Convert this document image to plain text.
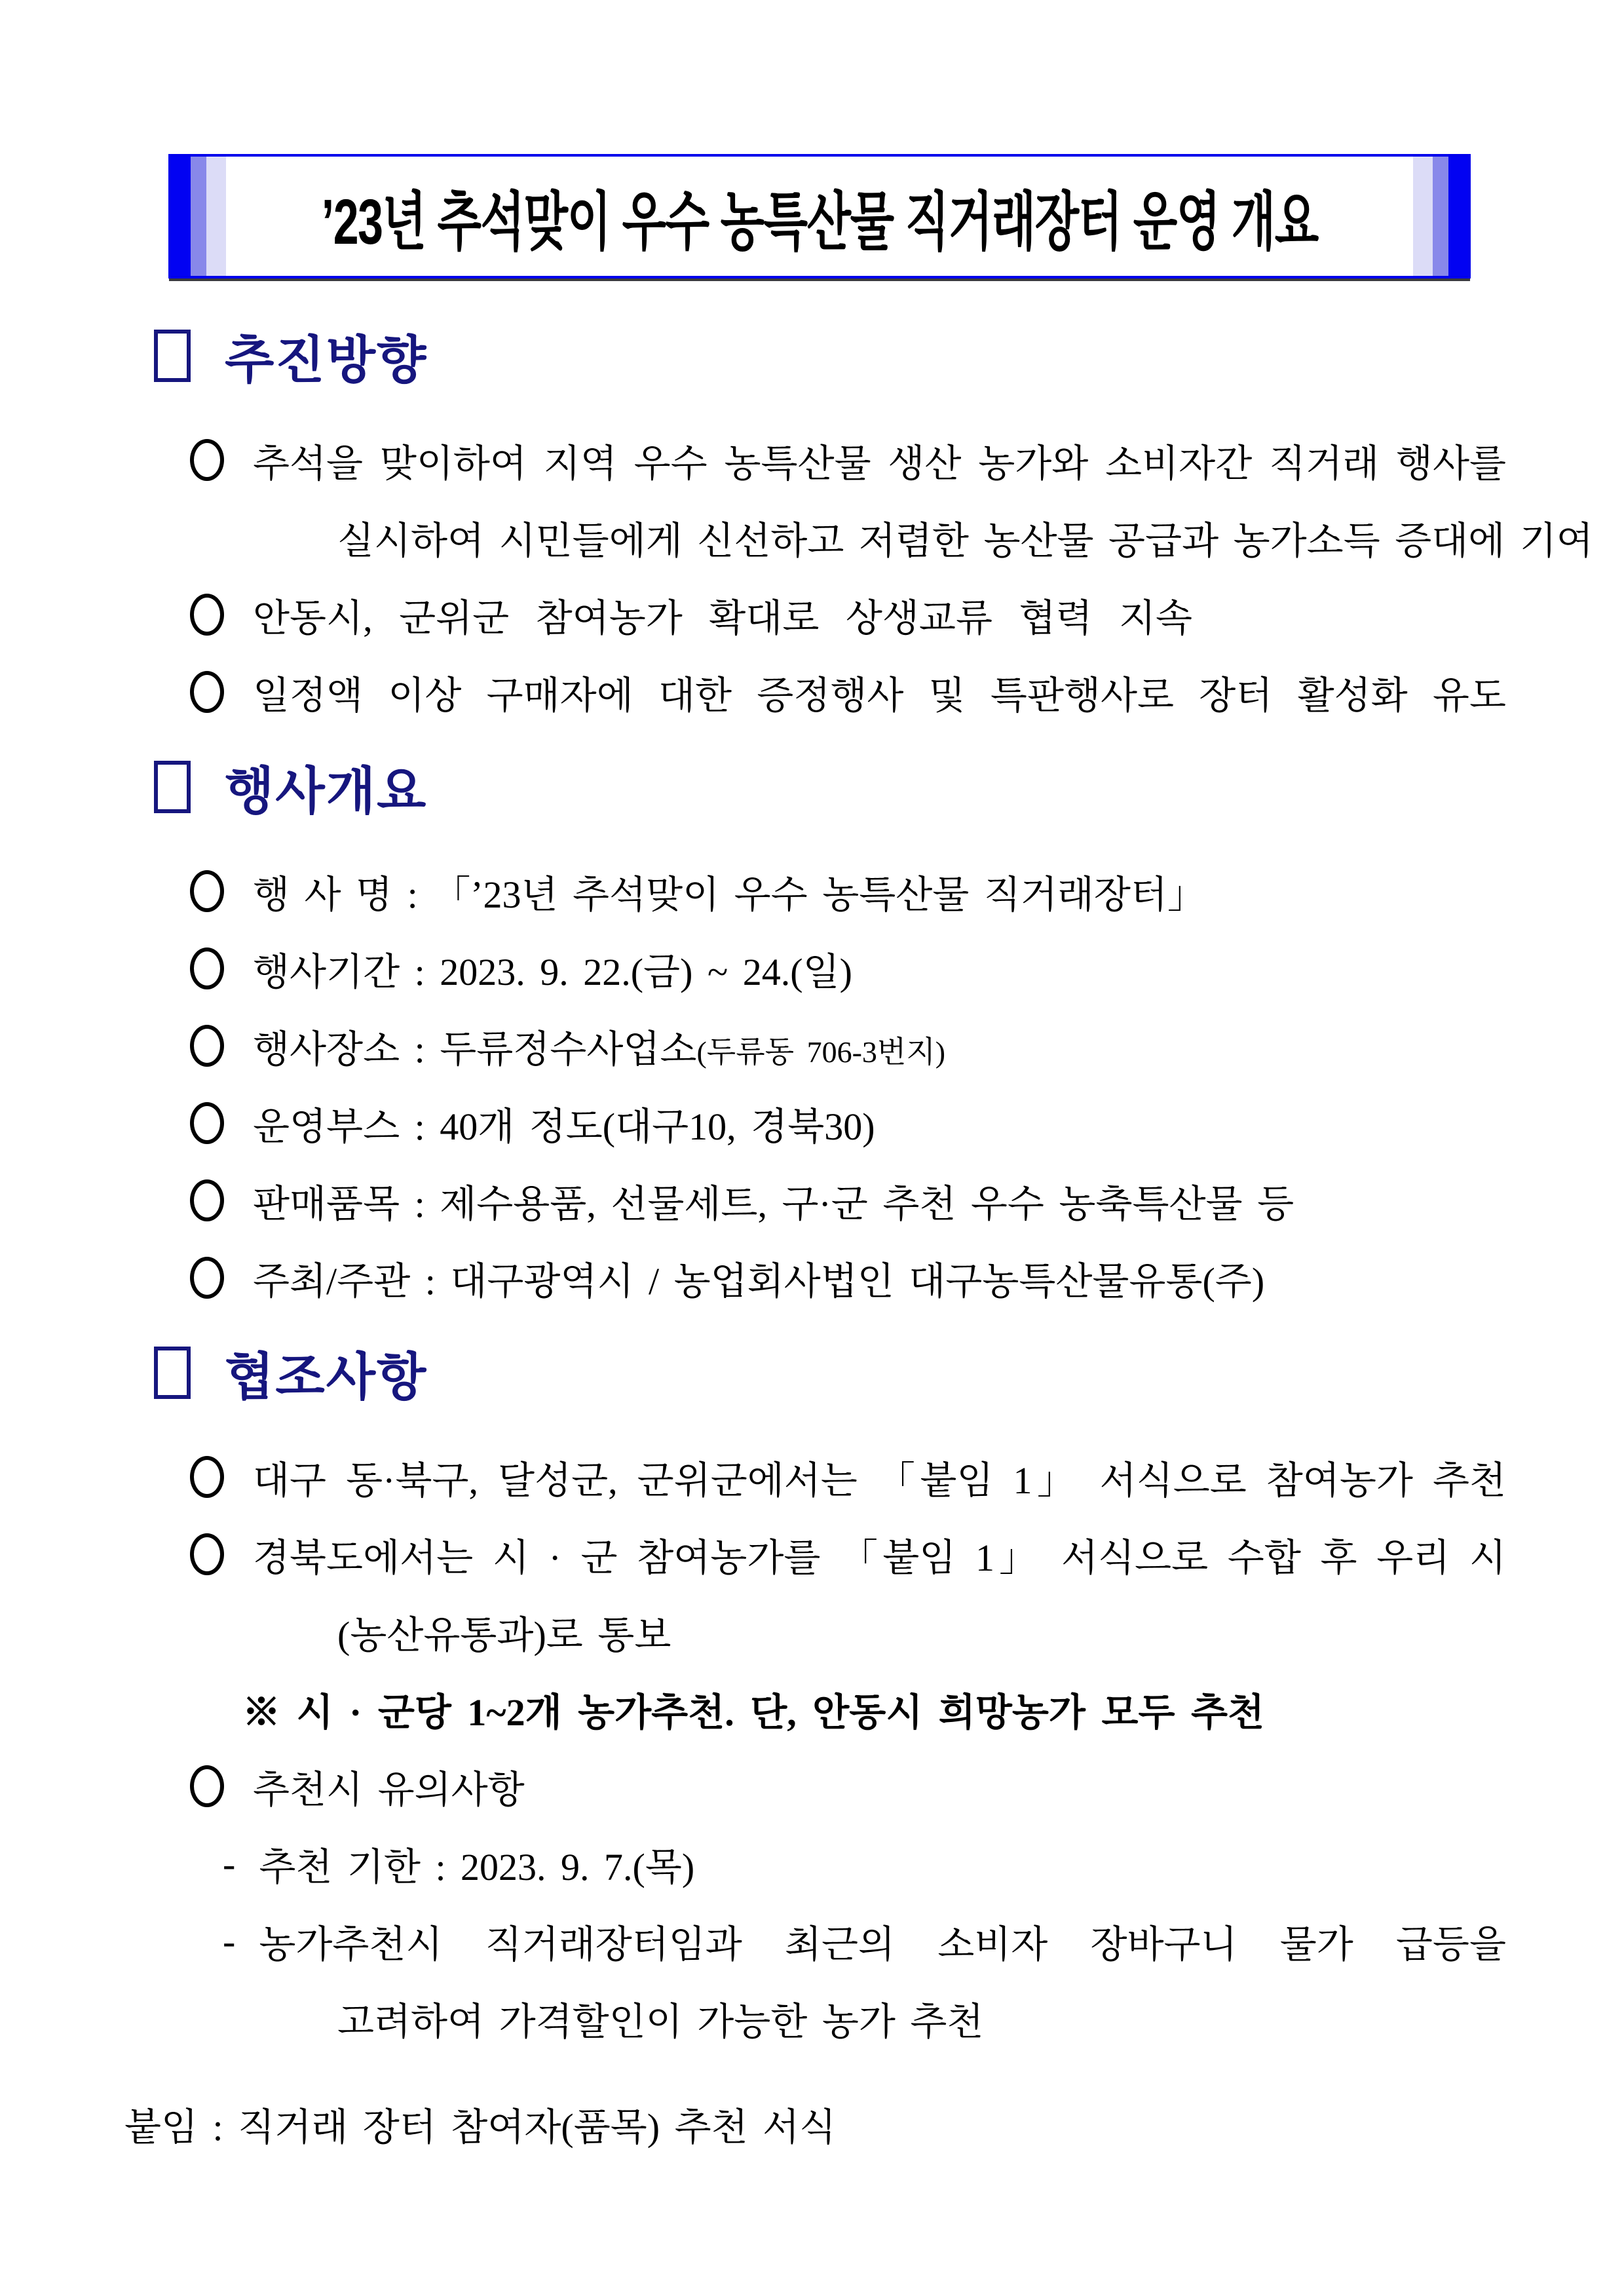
’23년 추석맞이 우수 농특산물 직거래장터 운영 개요
추진방향
추석을 맞이하여 지역 우수 농특산물 생산 농가와 소비자간 직거래 행사를
실시하여 시민들에게 신선하고 저렴한 농산물 공급과 농가소득 증대에 기여
안동시, 군위군 참여농가 확대로 상생교류 협력 지속
일정액 이상 구매자에 대한 증정행사 및 특판행사로 장터 활성화 유도
행사개요
행 사 명 : 「’23년 추석맞이 우수 농특산물 직거래장터」
행사기간 : 2023. 9. 22.(금) ~ 24.(일)
행사장소 : 두류정수사업소(두류동 706-3번지)
운영부스 : 40개 정도(대구10, 경북30)
판매품목 : 제수용품, 선물세트, 구·군 추천 우수 농축특산물 등
주최/주관 : 대구광역시 / 농업회사법인 대구농특산물유통(주)
협조사항
대구 동·북구, 달성군, 군위군에서는 「붙임 1」 서식으로 참여농가 추천
경북도에서는 시 · 군 참여농가를 「붙임 1」 서식으로 수합 후 우리 시
(농산유통과)로 통보
※ 시 · 군당 1~2개 농가추천. 단, 안동시 희망농가 모두 추천
추천시 유의사항
- 추천 기한 : 2023. 9. 7.(목)
- 농가추천시 직거래장터임과 최근의 소비자 장바구니 물가 급등을
고려하여 가격할인이 가능한 농가 추천
붙임 : 직거래 장터 참여자(품목) 추천 서식
